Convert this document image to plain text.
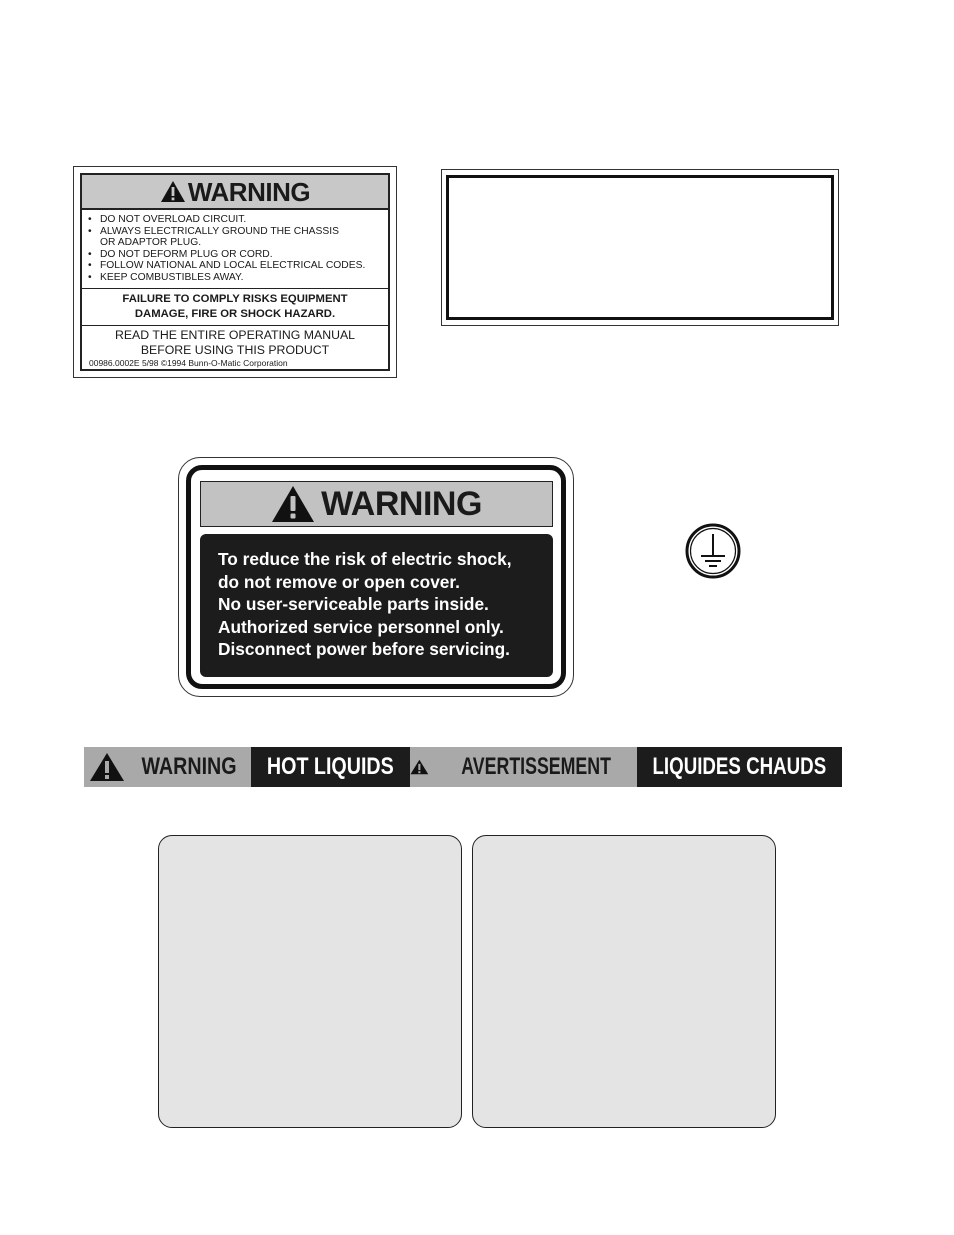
WARNING
• DO NOT OVERLOAD CIRCUIT.
• ALWAYS ELECTRICALLY GROUND THE CHASSIS
OR ADAPTOR PLUG.
• DO NOT DEFORM PLUG OR CORD.
• FOLLOW NATIONAL AND LOCAL ELECTRICAL CODES.
• KEEP COMBUSTIBLES AWAY.
FAILURE TO COMPLY RISKS EQUIPMENT
DAMAGE, FIRE OR SHOCK HAZARD.
READ THE ENTIRE OPERATING MANUAL
BEFORE USING THIS PRODUCT
00986.0002E 5/98 ©1994 Bunn-O-Matic Corporation
WARNING
To reduce the risk of electric shock,
do not remove or open cover.
No user-serviceable parts inside.
Authorized service personnel only.
Disconnect power before servicing.
WARNING HOT LIQUIDS	AVERTISSEMENT LIQUIDES CHAUDS
